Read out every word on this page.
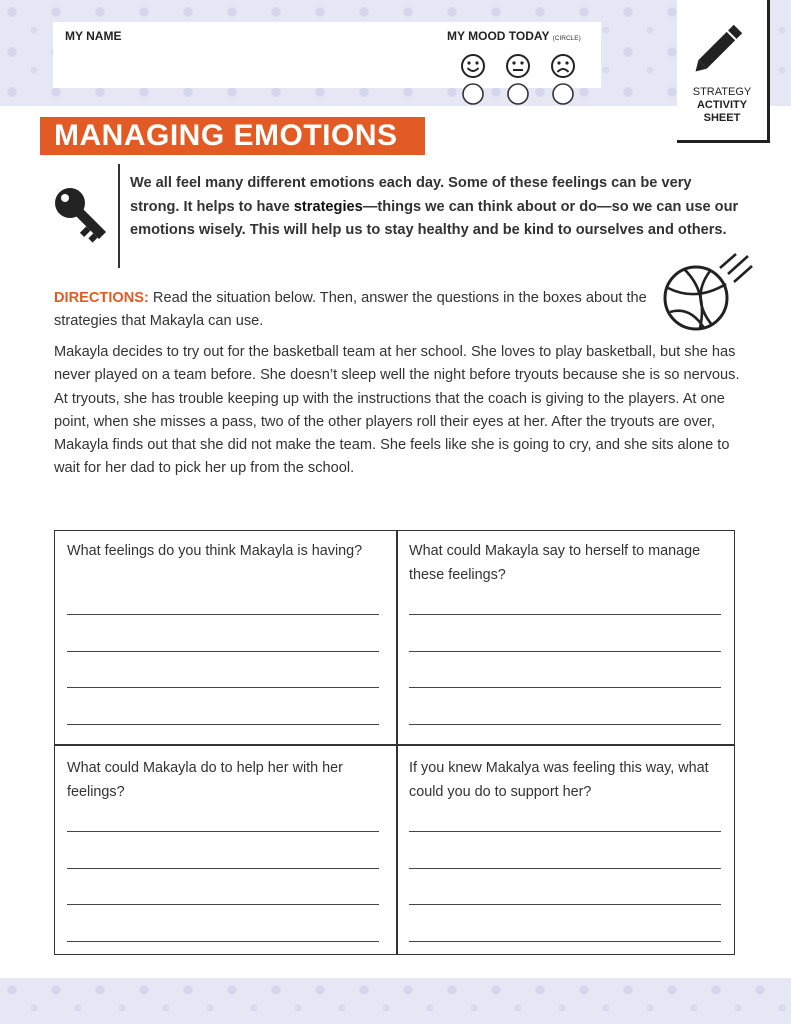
MY NAME	MY MOOD TODAY (CIRCLE)
STRATEGY
ACTIVITY
SHEET
MANAGING EMOTIONS
We all feel many different emotions each day. Some of these feelings can be very strong. It helps to have strategies—things we can think about or do—so we can use our emotions wisely. This will help us to stay healthy and be kind to ourselves and others.
DIRECTIONS: Read the situation below. Then, answer the questions in the boxes about the strategies that Makayla can use.
Makayla decides to try out for the basketball team at her school. She loves to play basketball, but she has never played on a team before. She doesn’t sleep well the night before tryouts because she is so nervous. At tryouts, she has trouble keeping up with the instructions that the coach is giving to the players. At one point, when she misses a pass, two of the other players roll their eyes at her. After the tryouts are over, Makayla finds out that she did not make the team. She feels like she is going to cry, and she sits alone to wait for her dad to pick her up from the school.
What feelings do you think Makayla is having?	What could Makayla say to herself to manage these feelings?
What could Makayla do to help her with her feelings?
If you knew Makalya was feeling this way, what could you do to support her?
